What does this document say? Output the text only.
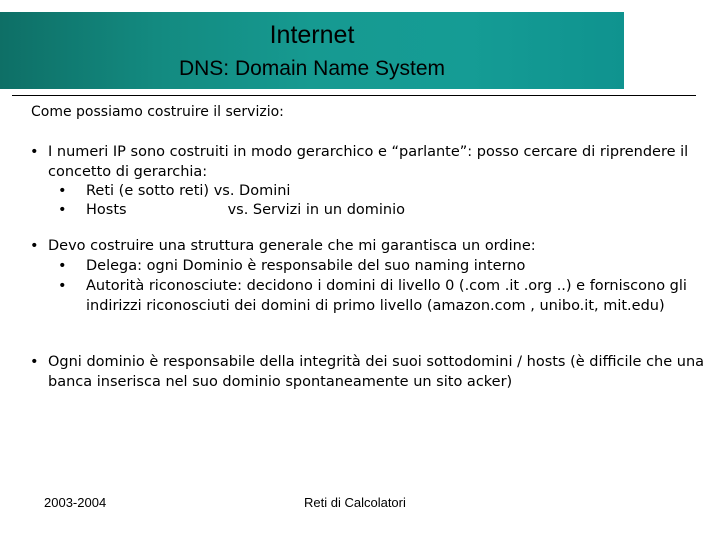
Internet
DNS: Domain Name System
Come possiamo costruire il servizio:
• I numeri IP sono costruiti in modo gerarchico e “parlante”: posso cercare di riprendere il concetto di gerarchia:
• Reti (e sotto reti) vs. Domini
• Hosts	vs. Servizi in un dominio
• Devo costruire una struttura generale che mi garantisca un ordine:
• Delega: ogni Dominio è responsabile del suo naming interno
• Autorità riconosciute: decidono i domini di livello 0 (.com .it .org ..) e forniscono gli indirizzi riconosciuti dei domini di primo livello (amazon.com , unibo.it, mit.edu)
• Ogni dominio è responsabile della integrità dei suoi sottodomini / hosts (è difficile che una banca inserisca nel suo dominio spontaneamente un sito acker)
2003-2004	Reti di Calcolatori
